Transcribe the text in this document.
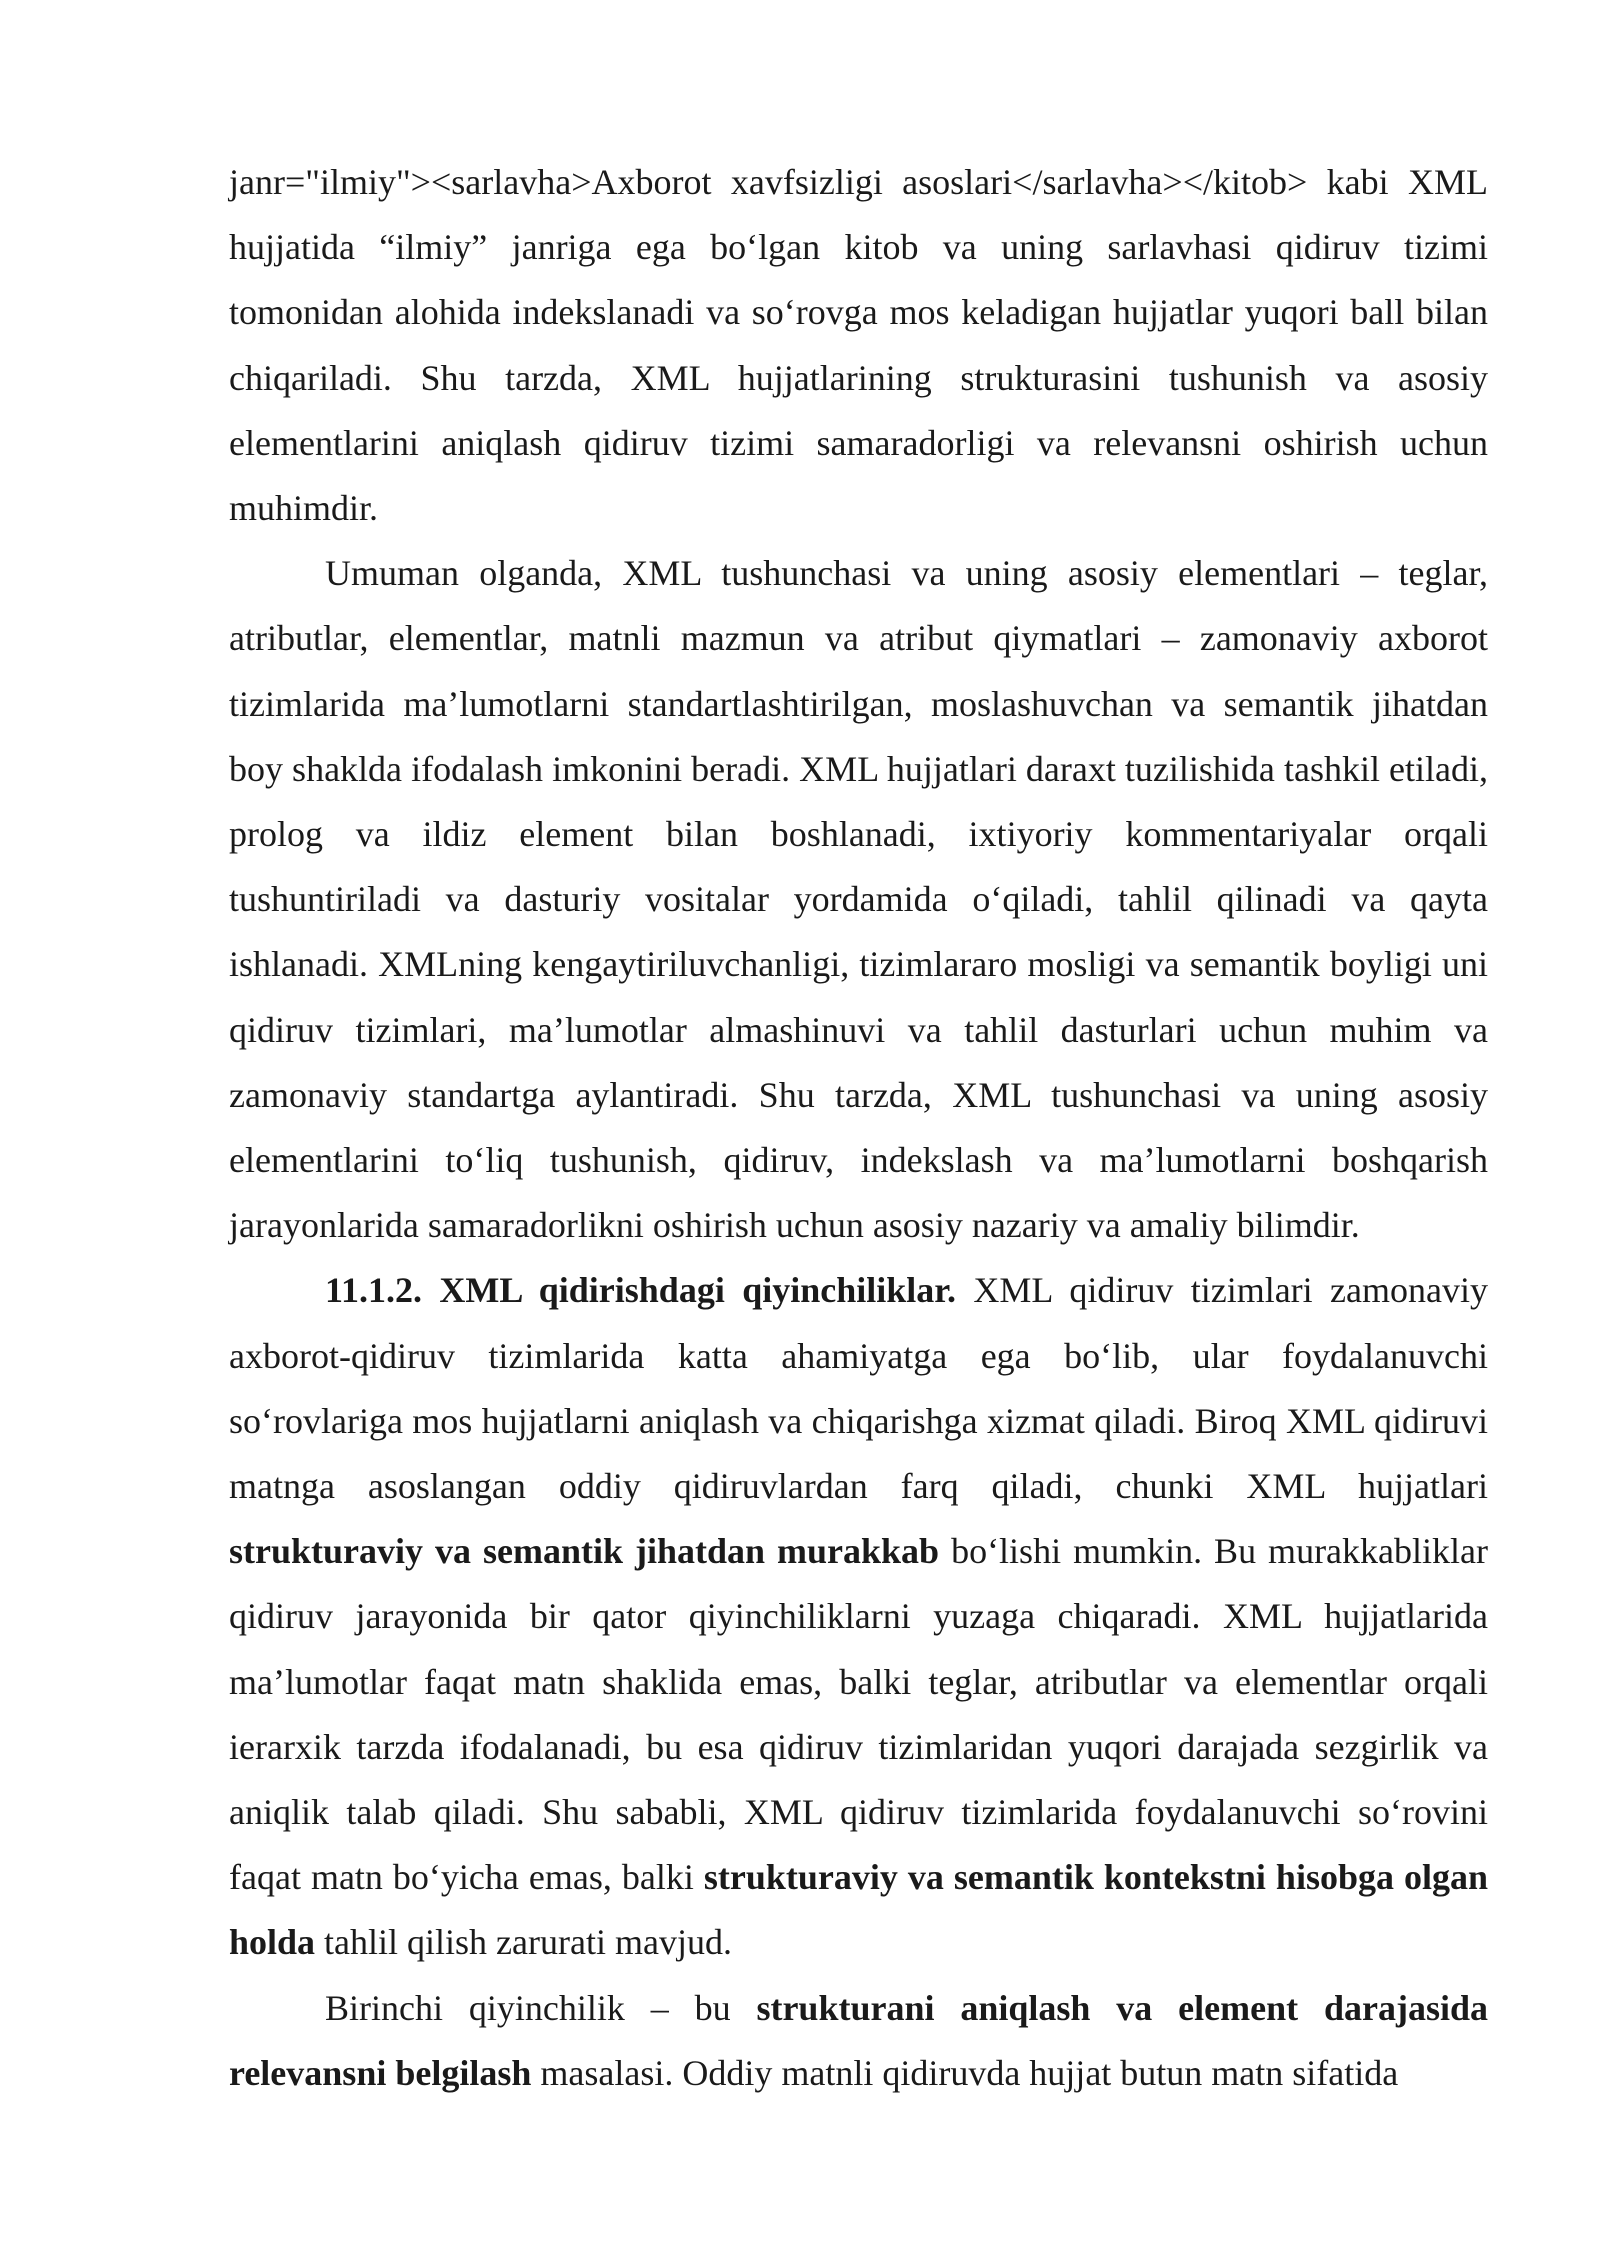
janr="ilmiy"><sarlavha>Axborot xavfsizligi asoslari</sarlavha></kitob> kabi XML hujjatida “ilmiy” janriga ega bo‘lgan kitob va uning sarlavhasi qidiruv tizimi tomonidan alohida indekslanadi va so‘rovga mos keladigan hujjatlar yuqori ball bilan chiqariladi. Shu tarzda, XML hujjatlarining strukturasini tushunish va asosiy elementlarini aniqlash qidiruv tizimi samaradorligi va relevansni oshirish uchun muhimdir.

Umuman olganda, XML tushunchasi va uning asosiy elementlari – teglar, atributlar, elementlar, matnli mazmun va atribut qiymatlari – zamonaviy axborot tizimlarida ma’lumotlarni standartlashtirilgan, moslashuvchan va semantik jihatdan boy shaklda ifodalash imkonini beradi. XML hujjatlari daraxt tuzilishida tashkil etiladi, prolog va ildiz element bilan boshlanadi, ixtiyoriy kommentariyalar orqali tushuntiriladi va dasturiy vositalar yordamida o‘qiladi, tahlil qilinadi va qayta ishlanadi. XMLning kengaytiriluvchanligi, tizimlararo mosligi va semantik boyligi uni qidiruv tizimlari, ma’lumotlar almashinuvi va tahlil dasturlari uchun muhim va zamonaviy standartga aylantiradi. Shu tarzda, XML tushunchasi va uning asosiy elementlarini to‘liq tushunish, qidiruv, indekslash va ma’lumotlarni boshqarish jarayonlarida samaradorlikni oshirish uchun asosiy nazariy va amaliy bilimdir.

11.1.2. XML qidirishdagi qiyinchiliklar. XML qidiruv tizimlari zamonaviy axborot-qidiruv tizimlarida katta ahamiyatga ega bo‘lib, ular foydalanuvchi so‘rovlariga mos hujjatlarni aniqlash va chiqarishga xizmat qiladi. Biroq XML qidiruvi matnga asoslangan oddiy qidiruvlardan farq qiladi, chunki XML hujjatlari strukturaviy va semantik jihatdan murakkab bo‘lishi mumkin. Bu murakkabliklar qidiruv jarayonida bir qator qiyinchiliklarni yuzaga chiqaradi. XML hujjatlarida ma’lumotlar faqat matn shaklida emas, balki teglar, atributlar va elementlar orqali ierarxik tarzda ifodalanadi, bu esa qidiruv tizimlaridan yuqori darajada sezgirlik va aniqlik talab qiladi. Shu sababli, XML qidiruv tizimlarida foydalanuvchi so‘rovini faqat matn bo‘yicha emas, balki strukturaviy va semantik kontekstni hisobga olgan holda tahlil qilish zarurati mavjud.

Birinchi qiyinchilik – bu strukturani aniqlash va element darajasida relevansni belgilash masalasi. Oddiy matnli qidiruvda hujjat butun matn sifatida
